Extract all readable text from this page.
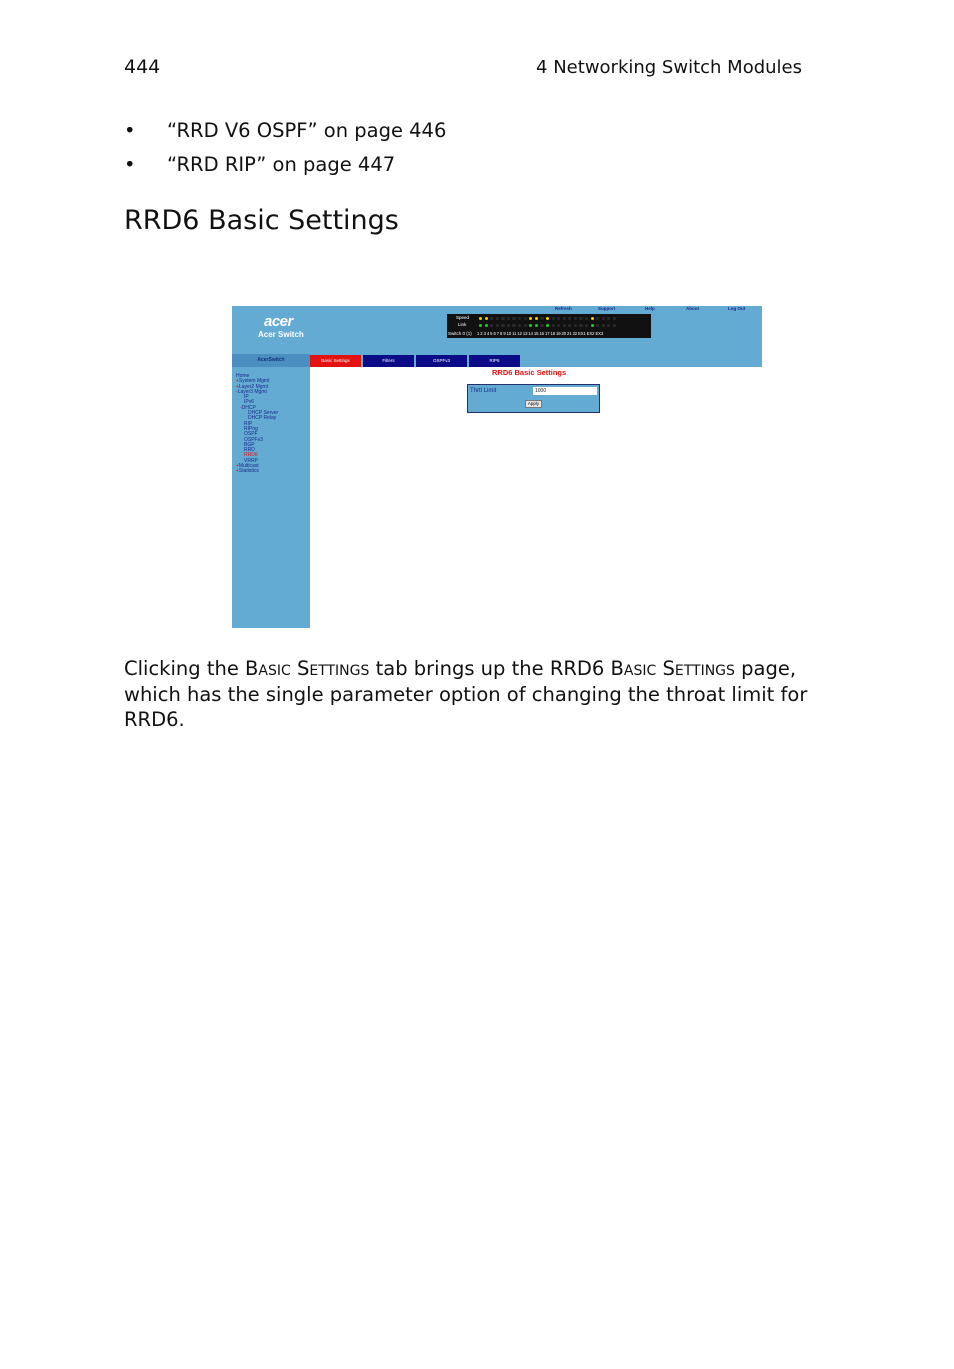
444	4 Networking Switch Modules
• “RRD V6 OSPF” on page 446
• “RRD RIP” on page 447
RRD6 Basic Settings
acer
Acer Switch
Refresh	Support	Help	About	Log Out
Speed
Link
Switch 0 (1) 1 2 3 4 5 6 7 8 9 10 11 12 13 14 15 16 17 18 19 20 21 22 EX1 EX2 EX3
AcerSwitch
Home
+System Mgmt
+Layer2 Mgmt
-Layer3 Mgmt
IP
IPv6
-DHCP
DHCP Server
DHCP Relay
RIP
RIPng
OSPF
OSPFv3
BGP
RRD
RRD6
VRRP
+Multicast
+Statistics
Basic Settings	Filters	OSPFv3	RIP6
RRD6 Basic Settings
Thrtl Limit
1000
Apply

Clicking the Basic Settings tab brings up the RRD6 Basic Settings page, which has the single parameter option of changing the throat limit for RRD6.
